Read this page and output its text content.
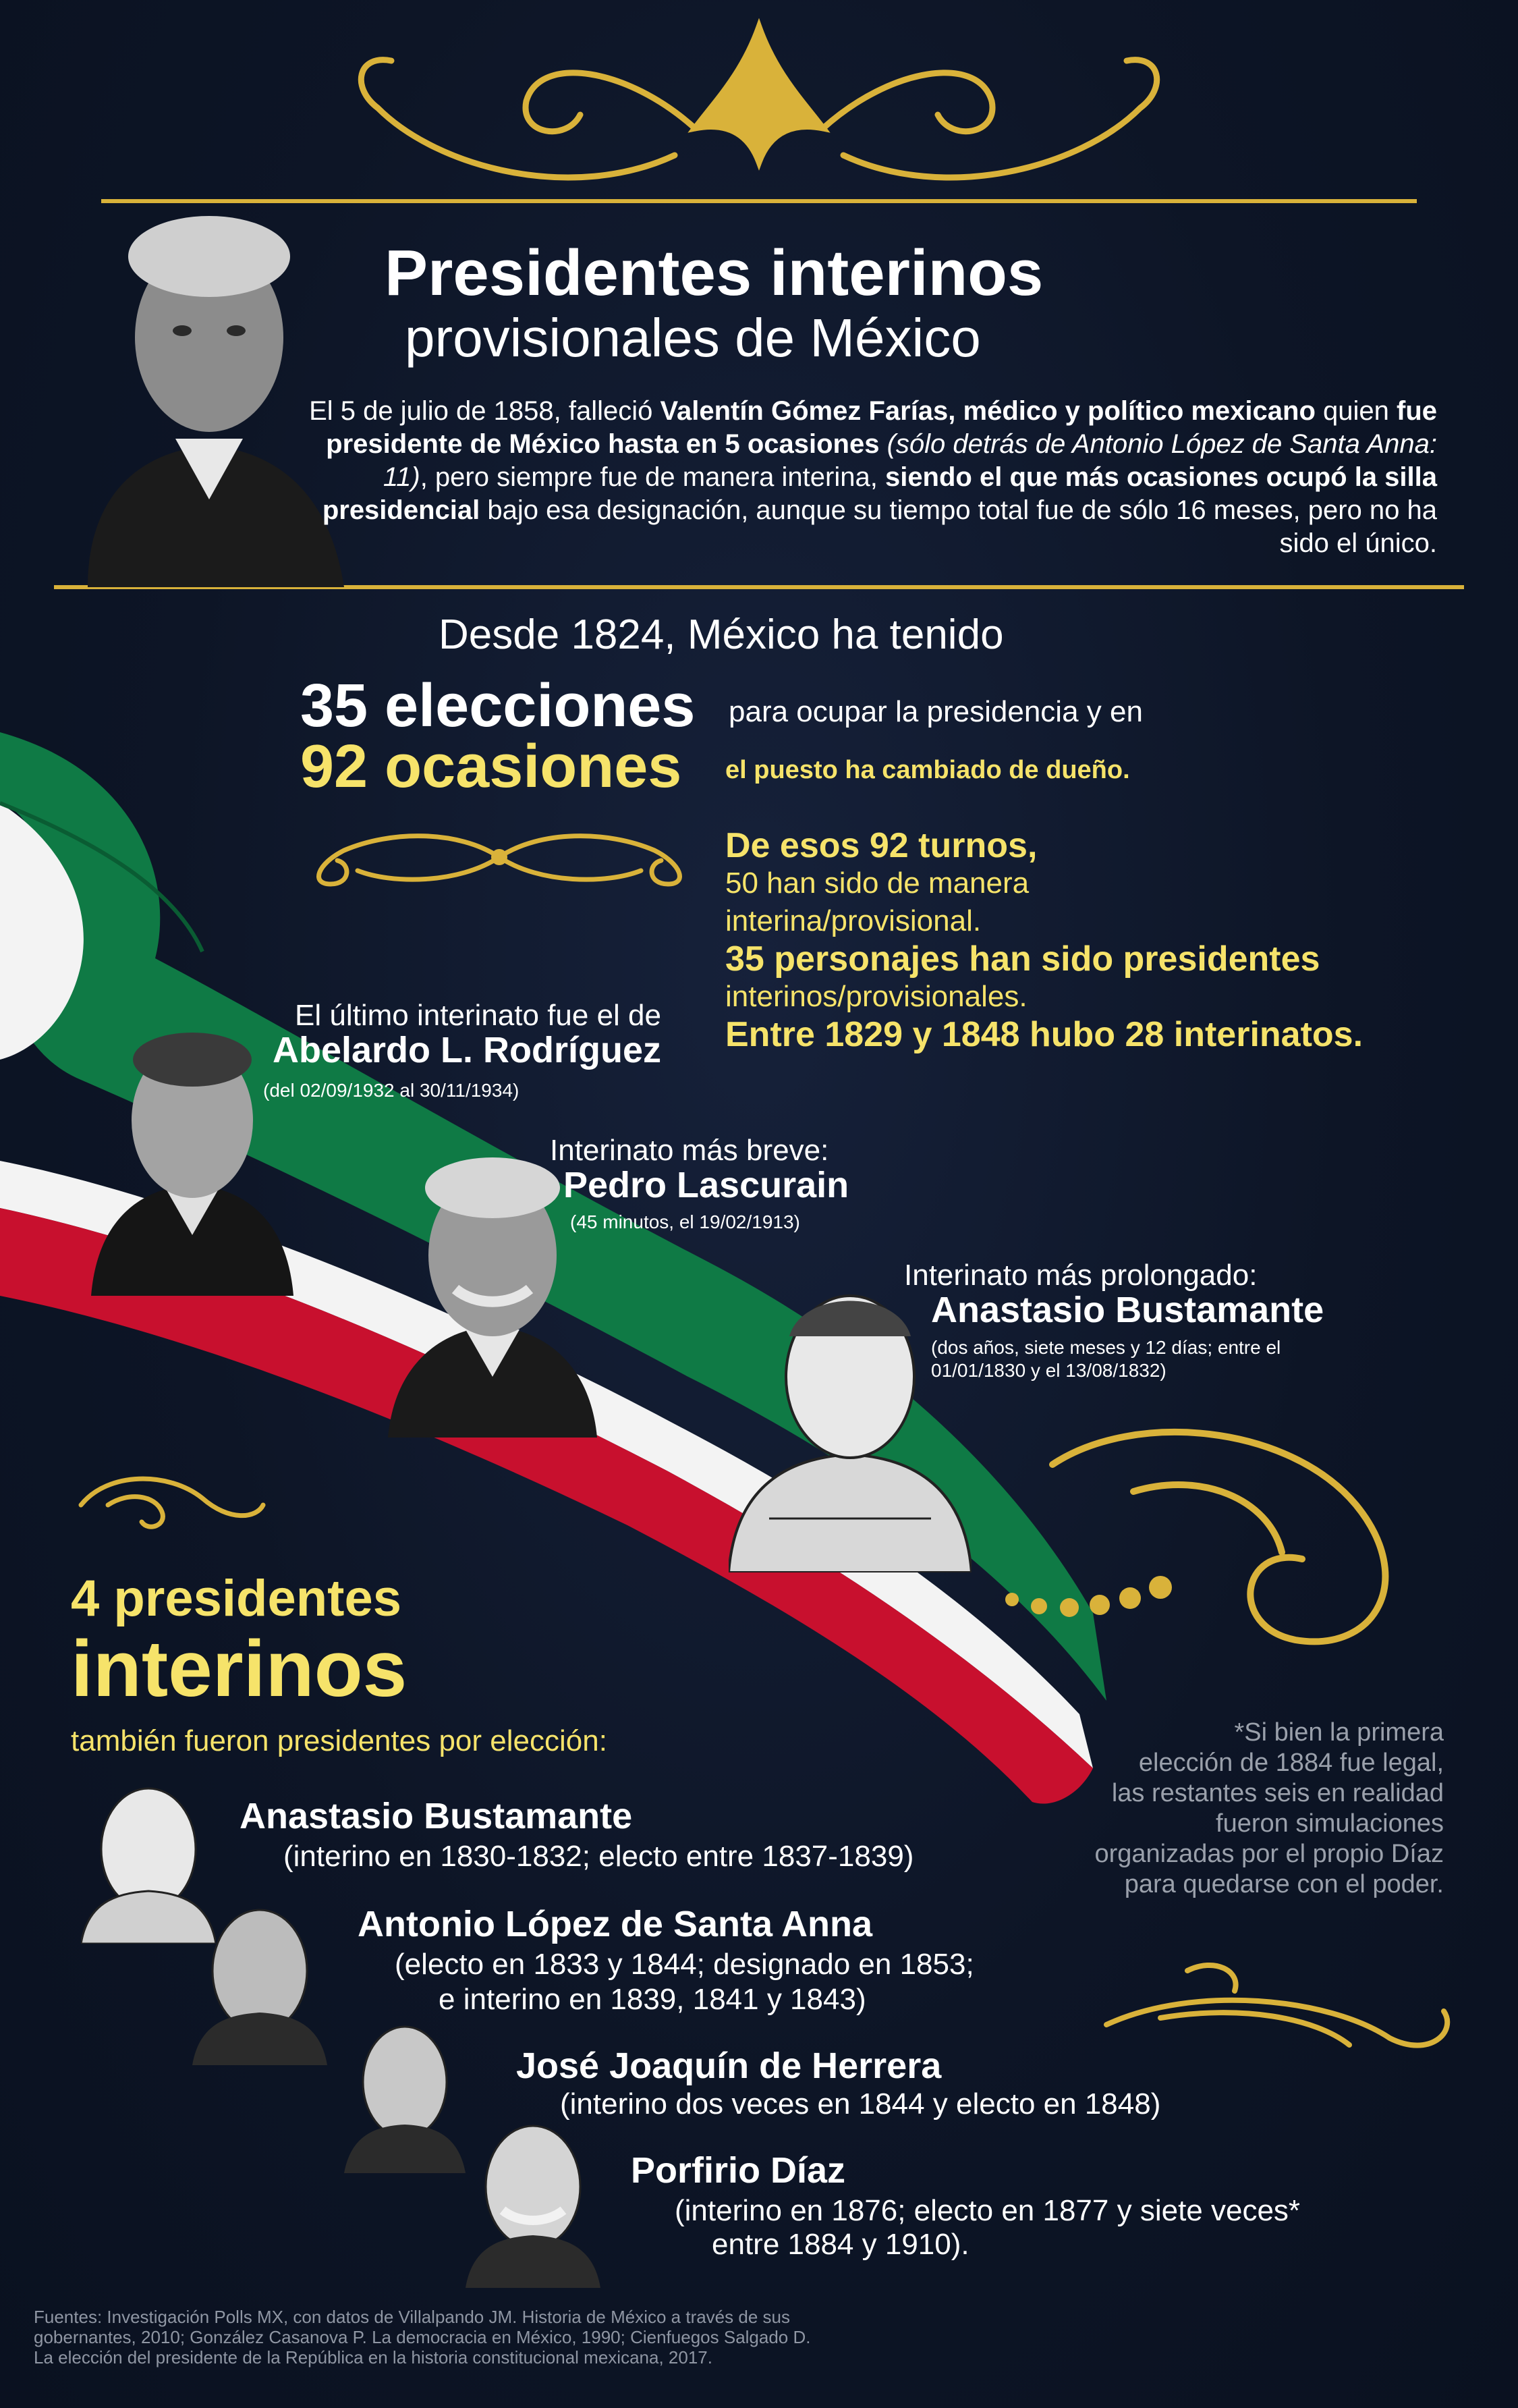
Presidentes interinos
provisionales de México
El 5 de julio de 1858, falleció Valentín Gómez Farías, médico y político mexicano quien fue presidente de México hasta en 5 ocasiones (sólo detrás de Antonio López de Santa Anna: 11), pero siempre fue de manera interina, siendo el que más ocasiones ocupó la silla presidencial bajo esa designación, aunque su tiempo total fue de sólo 16 meses, pero no ha sido el único.
Desde 1824, México ha tenido
35 elecciones para ocupar la presidencia y en
92 ocasiones el puesto ha cambiado de dueño.
De esos 92 turnos,
50 han sido de manera
interina/provisional.
35 personajes han sido presidentes
interinos/provisionales.
Entre 1829 y 1848 hubo 28 interinatos.
El último interinato fue el de
Abelardo L. Rodríguez
(del 02/09/1932 al 30/11/1934)
Interinato más breve:
Pedro Lascurain
(45 minutos, el 19/02/1913)
Interinato más prolongado:
Anastasio Bustamante
(dos años, siete meses y 12 días; entre el
01/01/1830 y el 13/08/1832)
4 presidentes
interinos
también fueron presidentes por elección:	*Si bien la primera
elección de 1884 fue legal,
las restantes seis en realidad
fueron simulaciones
organizadas por el propio Díaz
para quedarse con el poder.
Anastasio Bustamante
(interino en 1830-1832; electo entre 1837-1839)
Antonio López de Santa Anna
(electo en 1833 y 1844; designado en 1853;
e interino en 1839, 1841 y 1843)
José Joaquín de Herrera
(interino dos veces en 1844 y electo en 1848)
Porfirio Díaz
(interino en 1876; electo en 1877 y siete veces*
entre 1884 y 1910).
Fuentes: Investigación Polls MX, con datos de Villalpando JM. Historia de México a través de sus
gobernantes, 2010; González Casanova P. La democracia en México, 1990; Cienfuegos Salgado D.
La elección del presidente de la República en la historia constitucional mexicana, 2017.
